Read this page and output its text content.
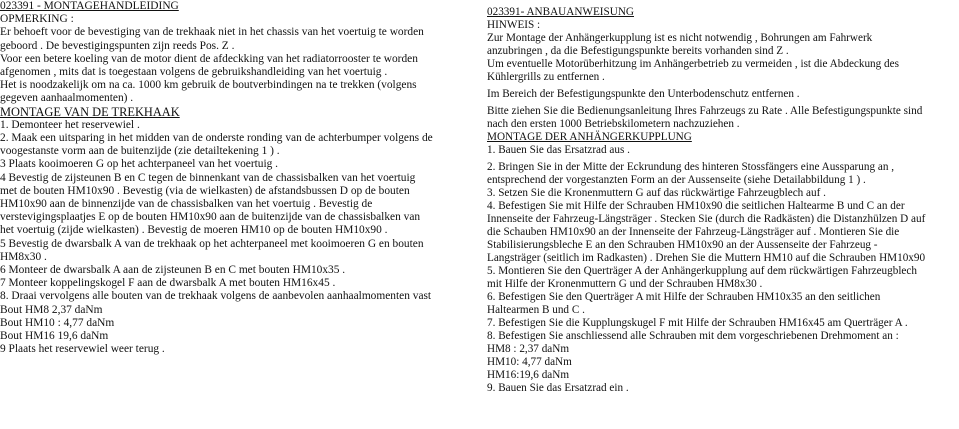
023391 - MONTAGEHANDLEIDING
OPMERKING :
Er behoeft voor de bevestiging van de trekhaak niet in het chassis van het voertuig te worden
geboord . De bevestigingspunten zijn reeds Pos. Z .
Voor een betere koeling van de motor dient de afdeckking van het radiatorrooster te worden
afgenomen , mits dat is toegestaan volgens de gebruikshandleiding van het voertuig .
Het is noodzakelijk om na ca. 1000 km gebruik de boutverbindingen na te trekken (volgens
gegeven aanhaalmomenten) .
MONTAGE VAN DE TREKHAAK
1. Demonteer het reservewiel .
2. Maak een uitsparing in het midden van de onderste ronding van de achterbumper volgens de
voogestanste vorm aan de buitenzijde (zie detailtekening 1 ) .
3 Plaats kooimoeren G op het achterpaneel van het voertuig .
4 Bevestig de zijsteunen B en C tegen de binnenkant van de chassisbalken van het voertuig
met de bouten HM10x90 . Bevestig (via de wielkasten) de afstandsbussen D op de bouten
HM10x90 aan de binnenzijde van de chassisbalken van het voertuig . Bevestig de
verstevigingsplaatjes E op de bouten HM10x90 aan de buitenzijde van de chassisbalken van
het voertuig (zijde wielkasten) . Bevestig de moeren HM10 op de bouten HM10x90 .
5 Bevestig de dwarsbalk A van de trekhaak op het achterpaneel met kooimoeren G en bouten
HM8x30 .
6 Monteer de dwarsbalk A aan de zijsteunen B en C met bouten HM10x35 .
7 Monteer koppelingskogel F aan de dwarsbalk A met bouten HM16x45 .
8. Draai vervolgens alle bouten van de trekhaak volgens de aanbevolen aanhaalmomenten vast
Bout HM8 2,37 daNm
Bout HM10 : 4,77 daNm
Bout HM16 19,6 daNm
9 Plaats het reservewiel weer terug .
023391- ANBAUANWEISUNG
HINWEIS :
Zur Montage der Anhängerkupplung ist es nicht notwendig , Bohrungen am Fahrwerk
anzubringen , da die Befestigungspunkte bereits vorhanden sind Z .
Um eventuelle Motorüberhitzung im Anhängerbetrieb zu vermeiden , ist die Abdeckung des
Kühlergrills zu entfernen .
Im Bereich der Befestigungspunkte den Unterbodenschutz entfernen .
Bitte ziehen Sie die Bedienungsanleitung Ihres Fahrzeugs zu Rate . Alle Befestigungspunkte sind
nach den ersten 1000 Betriebskilometern nachzuziehen .
MONTAGE DER ANHÄNGERKUPPLUNG
1. Bauen Sie das Ersatzrad aus .
2. Bringen Sie in der Mitte der Eckrundung des hinteren Stossfängers eine Aussparung an ,
entsprechend der vorgestanzten Form an der Aussenseite (siehe Detailabbildung 1 ) .
3. Setzen Sie die Kronenmuttern G auf das rückwärtige Fahrzeugblech auf .
4. Befestigen Sie mit Hilfe der Schrauben HM10x90 die seitlichen Haltearme B und C an der
Innenseite der Fahrzeug-Längsträger . Stecken Sie (durch die Radkästen) die Distanzhülzen D auf
die Schauben HM10x90 an der Innenseite der Fahrzeug-Längsträger auf . Montieren Sie die
Stabilisierungsbleche E an den Schrauben HM10x90 an der Aussenseite der Fahrzeug -
Langsträger (seitlich im Radkasten) . Drehen Sie die Muttern HM10 auf die Schrauben HM10x90
5. Montieren Sie den Querträger A der Anhängerkupplung auf dem rückwärtigen Fahrzeugblech
mit Hilfe der Kronenmuttern G und der Schrauben HM8x30 .
6. Befestigen Sie den Querträger A mit Hilfe der Schrauben HM10x35 an den seitlichen
Haltearmen B und C .
7. Befestigen Sie die Kupplungskugel F mit Hilfe der Schrauben HM16x45 am Querträger A .
8. Befestigen Sie anschliessend alle Schrauben mit dem vorgeschriebenen Drehmoment an :
HM8 : 2,37 daNm
HM10: 4,77 daNm
HM16:19,6 daNm
9. Bauen Sie das Ersatzrad ein .
